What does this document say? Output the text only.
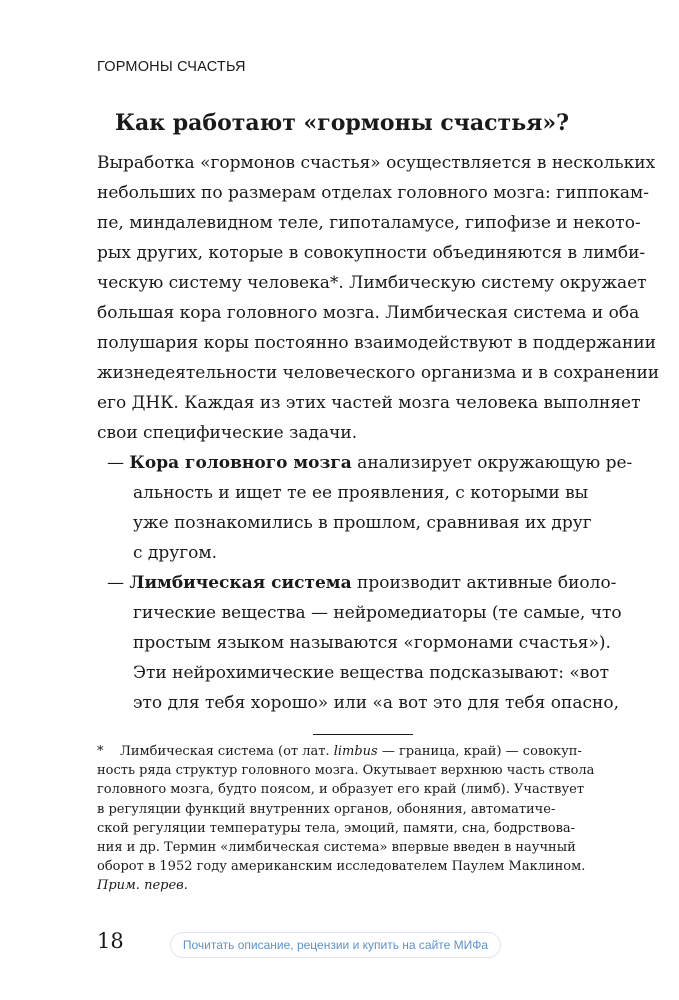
ГОРМОНЫ СЧАСТЬЯ
Как работают «гормоны счастья»?
Выработка «гормонов счастья» осуществляется в нескольких
небольших по размерам отделах головного мозга: гиппокам-
пе, миндалевидном теле, гипоталамусе, гипофизе и некото-
рых других, которые в совокупности объединяются в лимби-
ческую систему человека*. Лимбическую систему окружает
большая кора головного мозга. Лимбическая система и оба
полушария коры постоянно взаимодействуют в поддержании
жизнедеятельности человеческого организма и в сохранении
его ДНК. Каждая из этих частей мозга человека выполняет
свои специфические задачи.
— Кора головного мозга анализирует окружающую ре-
альность и ищет те ее проявления, с которыми вы
уже познакомились в прошлом, сравнивая их друг
с другом.
— Лимбическая система производит активные биоло-
гические вещества — нейромедиаторы (те самые, что
простым языком называются «гормонами счастья»).
Эти нейрохимические вещества подсказывают: «вот
это для тебя хорошо» или «а вот это для тебя опасно,
* Лимбическая система (от лат. limbus — граница, край) — совокуп-
ность ряда структур головного мозга. Окутывает верхнюю часть ствола
головного мозга, будто поясом, и образует его край (лимб). Участвует
в регуляции функций внутренних органов, обоняния, автоматиче-
ской регуляции температуры тела, эмоций, памяти, сна, бодрствова-
ния и др. Термин «лимбическая система» впервые введен в научный
оборот в 1952 году американским исследователем Паулем Маклином.
Прим. перев.
18	Почитать описание, рецензии и купить на сайте МИФа
